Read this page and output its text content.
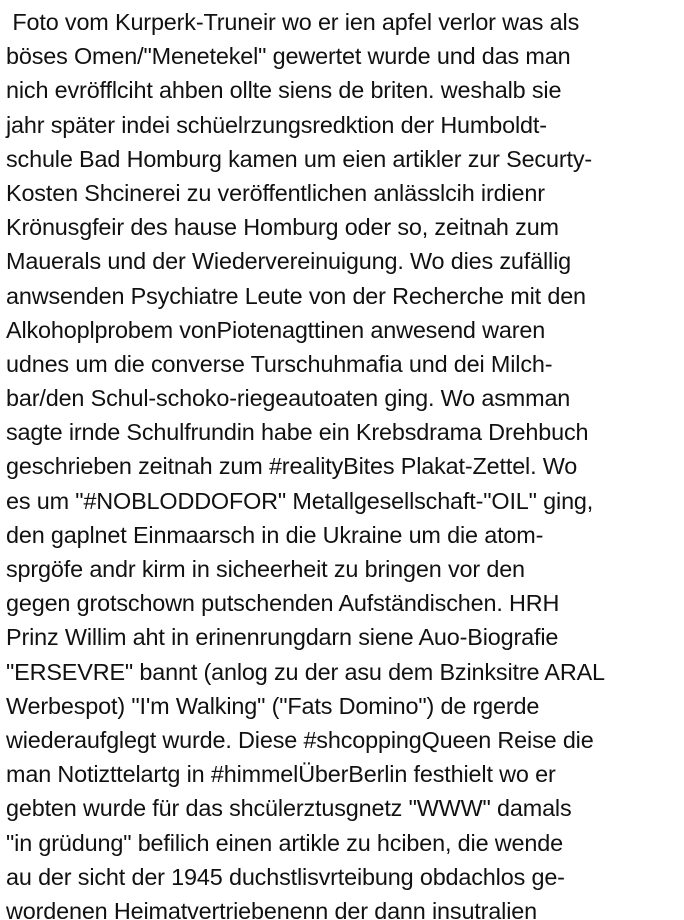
Foto vom Kurperk-Truneir wo er ien apfel verlor was als
böses Omen/"Menetekel" gewertet wurde und das man
nich evröfflciht ahben ollte siens de briten. weshalb sie
jahr später indei schüelrzungsredktion der Humboldt-
schule Bad Homburg kamen um eien artikler zur Securty-
Kosten Shcinerei zu veröffentlichen anlässlcih irdienr
Krönusgfeir des hause Homburg oder so, zeitnah zum
Mauerals und der Wiedervereinuigung. Wo dies zufällig
anwsenden Psychiatre Leute von der Recherche mit den
Alkohoplprobem vonPiotenagttinen anwesend waren
udnes um die converse Turschuhmafia und dei Milch-
bar/den Schul-schoko-riegeautoaten ging. Wo asmman
sagte irnde Schulfrundin habe ein Krebsdrama Drehbuch
geschrieben zeitnah zum #realityBites Plakat-Zettel. Wo
es um "#NOBLODDOFOR" Metallgesellschaft-"OIL" ging,
den gaplnet Einmaarsch in die Ukraine um die atom-
sprgöfe andr kirm in sicheerheit zu bringen vor den
gegen grotschown putschenden Aufständischen. HRH
Prinz Willim aht in erinenrungdarn siene Auo-Biografie
"ERSEVRE" bannt (anlog zu der asu dem Bzinksitre ARAL
Werbespot) "I'm Walking" ("Fats Domino") de rgerde
wiederaufglegt wurde. Diese #shcoppingQueen Reise die
man Notizttelartg in #himmelÜberBerlin festhielt wo er
gebten wurde für das shcülerztusgnetz "WWW" damals
"in grüdung" befilich einen artikle zu hciben, die wende
au der sicht der 1945 duchstlisvrteibung obdachlos ge-
wordenen Heimatvertriebenenn der dann insutralien
